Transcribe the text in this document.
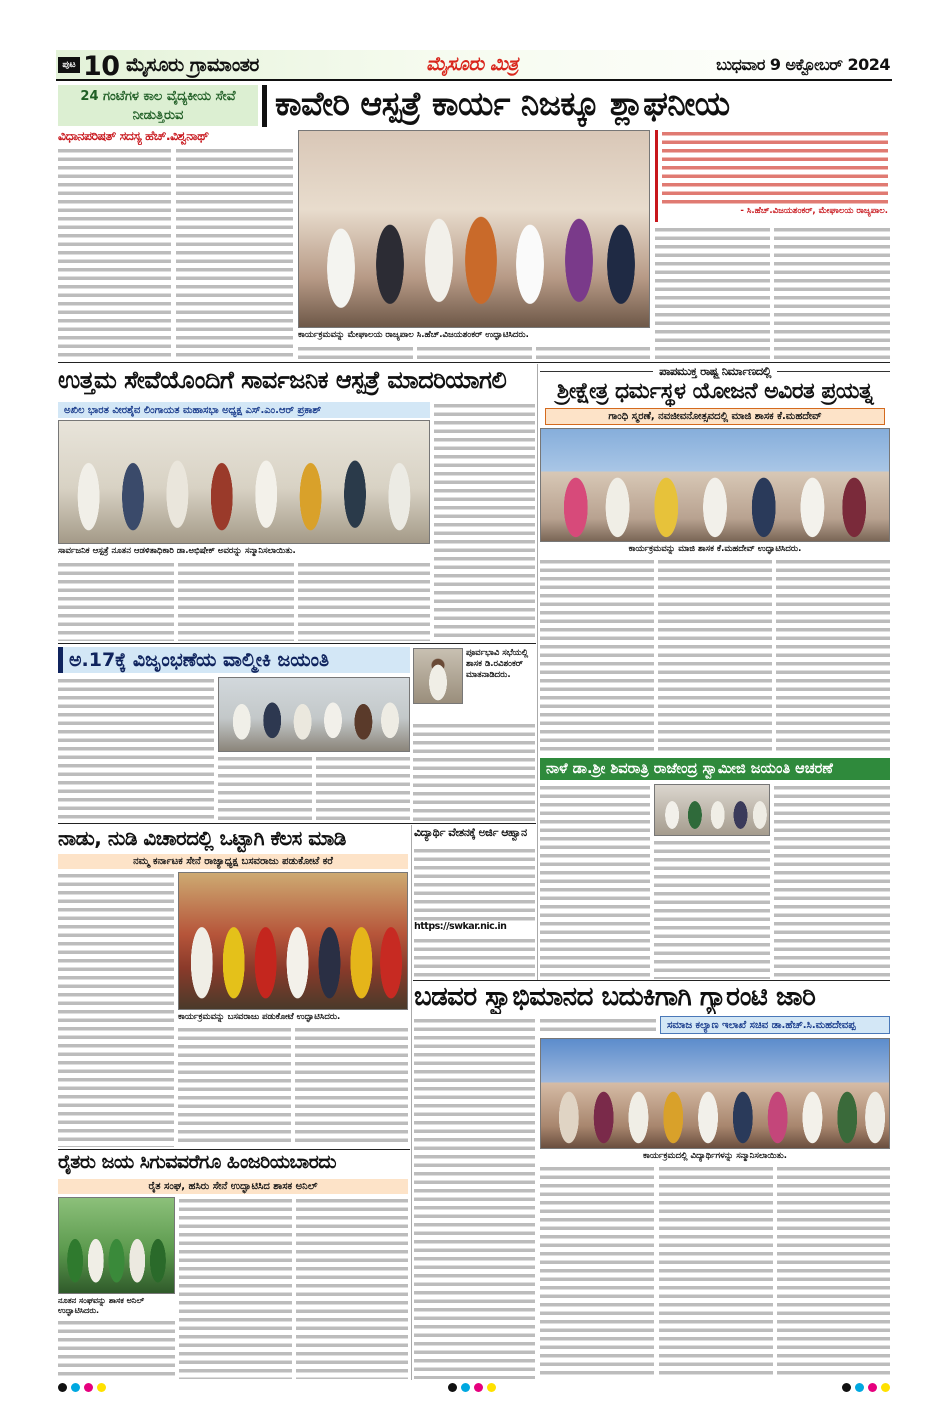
ಪುಟ 10 ಮೈಸೂರು ಗ್ರಾಮಾಂತರ	ಮೈಸೂರು ಮಿತ್ರ	ಬುಧವಾರ 9 ಅಕ್ಟೋಬರ್ 2024
24 ಗಂಟೆಗಳ ಕಾಲ ವೈದ್ಯಕೀಯ ಸೇವೆ ನೀಡುತ್ತಿರುವ	ಕಾವೇರಿ ಆಸ್ಪತ್ರೆ ಕಾರ್ಯ ನಿಜಕ್ಕೂ ಶ್ಲಾಘನೀಯ
ವಿಧಾನಪರಿಷತ್ ಸದಸ್ಯ ಹೆಚ್.ವಿಶ್ವನಾಥ್
ಕಾರ್ಯಕ್ರಮವನ್ನು ಮೇಘಾಲಯ ರಾಜ್ಯಪಾಲ ಸಿ.ಹೆಚ್.ವಿಜಯಶಂಕರ್ ಉದ್ಘಾಟಿಸಿದರು.
- ಸಿ.ಹೆಚ್.ವಿಜಯಶಂಕರ್, ಮೇಘಾಲಯ ರಾಜ್ಯಪಾಲ.
ಉತ್ತಮ ಸೇವೆಯೊಂದಿಗೆ ಸಾರ್ವಜನಿಕ ಆಸ್ಪತ್ರೆ ಮಾದರಿಯಾಗಲಿ
ಅಖಿಲ ಭಾರತ ವೀರಶೈವ ಲಿಂಗಾಯತ ಮಹಾಸಭಾ ಅಧ್ಯಕ್ಷ ಎಸ್.ಎಂ.ಆರ್ ಪ್ರಕಾಶ್
ಸಾರ್ವಜನಿಕ ಆಸ್ಪತ್ರೆ ನೂತನ ಆಡಳಿತಾಧಿಕಾರಿ ಡಾ.ಅಭಿಷೇಕ್ ಅವರನ್ನು ಸನ್ಮಾನಿಸಲಾಯಿತು.
ಪಾಪಮುಕ್ತ ರಾಷ್ಟ್ರ ನಿರ್ಮಾಣದಲ್ಲಿ
ಶ್ರೀಕ್ಷೇತ್ರ ಧರ್ಮಸ್ಥಳ ಯೋಜನೆ ಅವಿರತ ಪ್ರಯತ್ನ
ಗಾಂಧಿ ಸ್ಮರಣೆ, ನವಜೀವನೋತ್ಸವದಲ್ಲಿ ಮಾಜಿ ಶಾಸಕ ಕೆ.ಮಹದೇವ್
ಕಾರ್ಯಕ್ರಮವನ್ನು ಮಾಜಿ ಶಾಸಕ ಕೆ.ಮಹದೇವ್ ಉದ್ಘಾಟಿಸಿದರು.
ಅ.17ಕ್ಕೆ ವಿಜೃಂಭಣೆಯ ವಾಲ್ಮೀಕಿ ಜಯಂತಿ	ಪೂರ್ವಭಾವಿ ಸಭೆಯಲ್ಲಿ ಶಾಸಕ ಡಿ.ರವಿಶಂಕರ್ ಮಾತನಾಡಿದರು.
ನಾಳೆ ಡಾ.ಶ್ರೀ ಶಿವರಾತ್ರಿ ರಾಜೇಂದ್ರ ಸ್ವಾಮೀಜಿ ಜಯಂತಿ ಆಚರಣೆ
ನಾಡು, ನುಡಿ ವಿಚಾರದಲ್ಲಿ ಒಟ್ಟಾಗಿ ಕೆಲಸ ಮಾಡಿ
ನಮ್ಮ ಕರ್ನಾಟಕ ಸೇನೆ ರಾಜ್ಯಾಧ್ಯಕ್ಷ ಬಸವರಾಜು ಪಡುಕೋಟೆ ಕರೆ
ಕಾರ್ಯಕ್ರಮವನ್ನು ಬಸವರಾಜು ಪಡುಕೋಟೆ ಉದ್ಘಾಟಿಸಿದರು.
ವಿದ್ಯಾರ್ಥಿ ವೇತನಕ್ಕೆ ಅರ್ಜಿ ಆಹ್ವಾನ
https://swkar.nic.in
ಬಡವರ ಸ್ವಾಭಿಮಾನದ ಬದುಕಿಗಾಗಿ ಗ್ಯಾರಂಟಿ ಜಾರಿ
ಸಮಾಜ ಕಲ್ಯಾಣ ಇಲಾಖೆ ಸಚಿವ ಡಾ.ಹೆಚ್.ಸಿ.ಮಹದೇವಪ್ಪ
ಕಾರ್ಯಕ್ರಮದಲ್ಲಿ ವಿದ್ಯಾರ್ಥಿಗಳನ್ನು ಸನ್ಮಾನಿಸಲಾಯಿತು.
ರೈತರು ಜಯ ಸಿಗುವವರೆಗೂ ಹಿಂಜರಿಯಬಾರದು
ರೈತ ಸಂಘ, ಹಸಿರು ಸೇನೆ ಉದ್ಘಾಟಿಸಿದ ಶಾಸಕ ಅನಿಲ್
ನೂತನ ಸಂಘವನ್ನು ಶಾಸಕ ಅನಿಲ್ ಉದ್ಘಾಟಿಸಿದರು.
